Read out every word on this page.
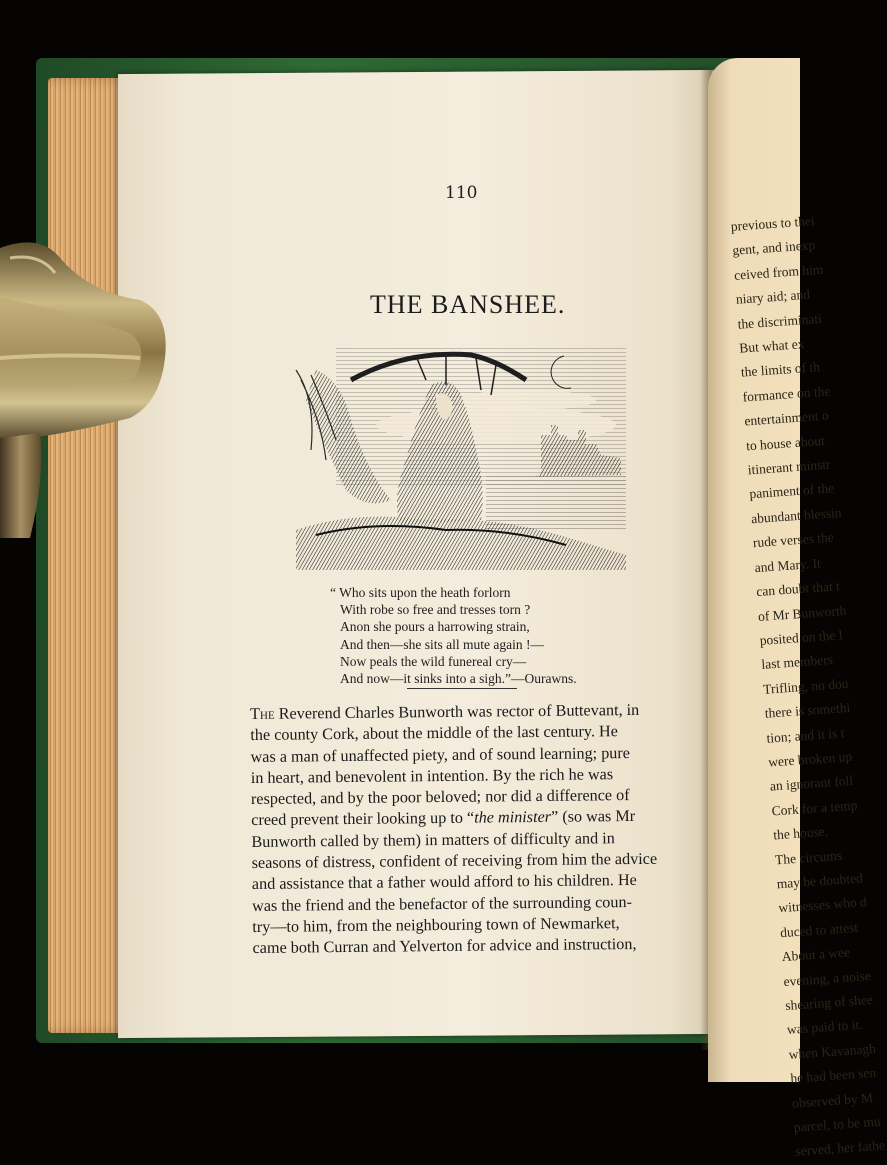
previous to thei
gent, and inexp
ceived from him
niary aid; and
the discriminati
But what ex
the limits of th
formance on the
entertainment o
to house about
itinerant minstr
paniment of the
abundant blessin
rude verses the
and Mary. It
can doubt that t
of Mr Bunworth
posited on the l
last members
Trifling, no dou
there is somethi
tion; and it is t
were broken up
an ignorant foll
Cork for a temp
the house.
The circums
may be doubted
witnesses who d
duced to attest
About a wee
evening, a noise
shearing of shee
was paid to it.
when Kavanagh
he had been sen
observed by M
parcel, to be mu
served, her fathe
110
THE BANSHEE.
“ Who sits upon the heath forlorn
With robe so free and tresses torn ?
Anon she pours a harrowing strain,
And then—she sits all mute again !—
Now peals the wild funereal cry—
And now—it sinks into a sigh.”—Ourawns.
The Reverend Charles Bunworth was rector of Buttevant, in
the county Cork, about the middle of the last century. He
was a man of unaffected piety, and of sound learning; pure
in heart, and benevolent in intention. By the rich he was
respected, and by the poor beloved; nor did a difference of
creed prevent their looking up to “the minister” (so was Mr
Bunworth called by them) in matters of difficulty and in
seasons of distress, confident of receiving from him the advice
and assistance that a father would afford to his children. He
was the friend and the benefactor of the surrounding coun-
try—to him, from the neighbouring town of Newmarket,
came both Curran and Yelverton for advice and instruction,
